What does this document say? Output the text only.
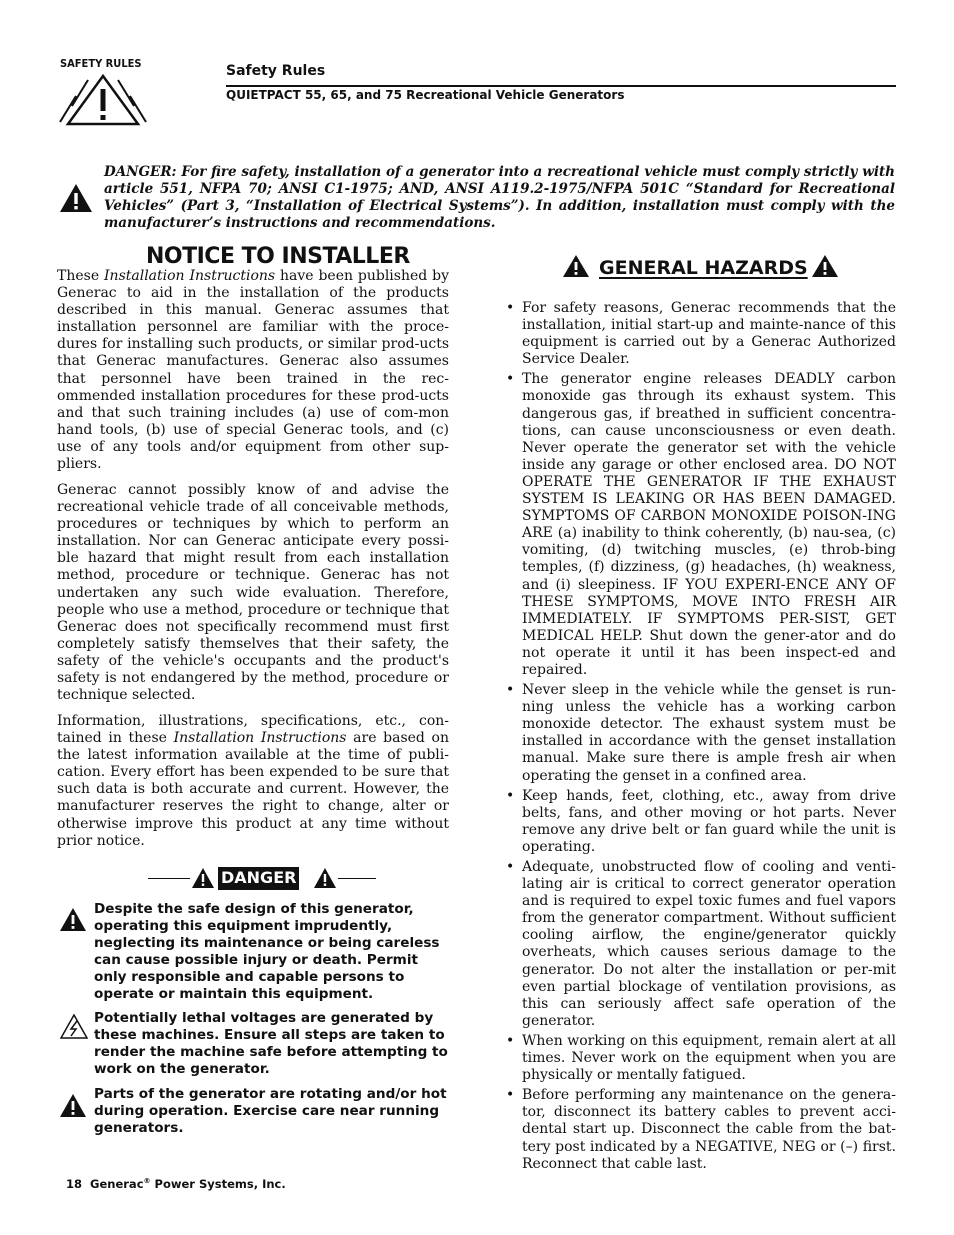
SAFETY RULES	Safety Rules
QUIETPACT 55, 65, and 75 Recreational Vehicle Generators
DANGER: For fire safety, installation of a generator into a recreational vehicle must comply strictly with article 551, NFPA 70; ANSI C1-1975; AND, ANSI A119.2-1975/NFPA 501C “Standard for Recreational Vehicles” (Part 3, “Installation of Electrical Systems”). In addition, installation must comply with the manufacturer’s instructions and recommendations.
NOTICE TO INSTALLER

These Installation Instructions have been published by Generac to aid in the installation of the products described in this manual. Generac assumes that installation personnel are familiar with the proce-dures for installing such products, or similar prod-ucts that Generac manufactures. Generac also assumes that personnel have been trained in the rec-ommended installation procedures for these prod-ucts and that such training includes (a) use of com-mon hand tools, (b) use of special Generac tools, and (c) use of any tools and/or equipment from other sup-pliers.

Generac cannot possibly know of and advise the recreational vehicle trade of all conceivable methods, procedures or techniques by which to perform an installation. Nor can Generac anticipate every possi-ble hazard that might result from each installation method, procedure or technique. Generac has not undertaken any such wide evaluation. Therefore, people who use a method, procedure or technique that Generac does not specifically recommend must first completely satisfy themselves that their safety, the safety of the vehicle's occupants and the product's safety is not endangered by the method, procedure or technique selected.

Information, illustrations, specifications, etc., con-tained in these Installation Instructions are based on the latest information available at the time of publi-cation. Every effort has been expended to be sure that such data is both accurate and current. However, the manufacturer reserves the right to change, alter or otherwise improve this product at any time without prior notice.

DANGER

Despite the safe design of this generator, operating this equipment imprudently, neglecting its maintenance or being careless can cause possible injury or death. Permit only responsible and capable persons to operate or maintain this equipment.

Potentially lethal voltages are generated by these machines. Ensure all steps are taken to render the machine safe before attempting to work on the generator.

Parts of the generator are rotating and/or hot during operation. Exercise care near running generators.

GENERAL HAZARDS
• For safety reasons, Generac recommends that the installation, initial start-up and mainte-nance of this equipment is carried out by a Generac Authorized Service Dealer.
• The generator engine releases DEADLY carbon monoxide gas through its exhaust system. This dangerous gas, if breathed in sufficient concentra-tions, can cause unconsciousness or even death. Never operate the generator set with the vehicle inside any garage or other enclosed area. DO NOT OPERATE THE GENERATOR IF THE EXHAUST SYSTEM IS LEAKING OR HAS BEEN DAMAGED. SYMPTOMS OF CARBON MONOXIDE POISON-ING ARE (a) inability to think coherently, (b) nau-sea, (c) vomiting, (d) twitching muscles, (e) throb-bing temples, (f) dizziness, (g) headaches, (h) weakness, and (i) sleepiness. IF YOU EXPERI-ENCE ANY OF THESE SYMPTOMS, MOVE INTO FRESH AIR IMMEDIATELY. IF SYMPTOMS PER-SIST, GET MEDICAL HELP. Shut down the gener-ator and do not operate it until it has been inspect-ed and repaired.
• Never sleep in the vehicle while the genset is run-ning unless the vehicle has a working carbon monoxide detector. The exhaust system must be installed in accordance with the genset installation manual. Make sure there is ample fresh air when operating the genset in a confined area.
• Keep hands, feet, clothing, etc., away from drive belts, fans, and other moving or hot parts. Never remove any drive belt or fan guard while the unit is operating.
• Adequate, unobstructed flow of cooling and venti-lating air is critical to correct generator operation and is required to expel toxic fumes and fuel vapors from the generator compartment. Without sufficient cooling airflow, the engine/generator quickly overheats, which causes serious damage to the generator. Do not alter the installation or per-mit even partial blockage of ventilation provisions, as this can seriously affect safe operation of the generator.
• When working on this equipment, remain alert at all times. Never work on the equipment when you are physically or mentally fatigued.
• Before performing any maintenance on the genera-tor, disconnect its battery cables to prevent acci-dental start up. Disconnect the cable from the bat-tery post indicated by a NEGATIVE, NEG or (–) first. Reconnect that cable last.
18 Generac® Power Systems, Inc.
